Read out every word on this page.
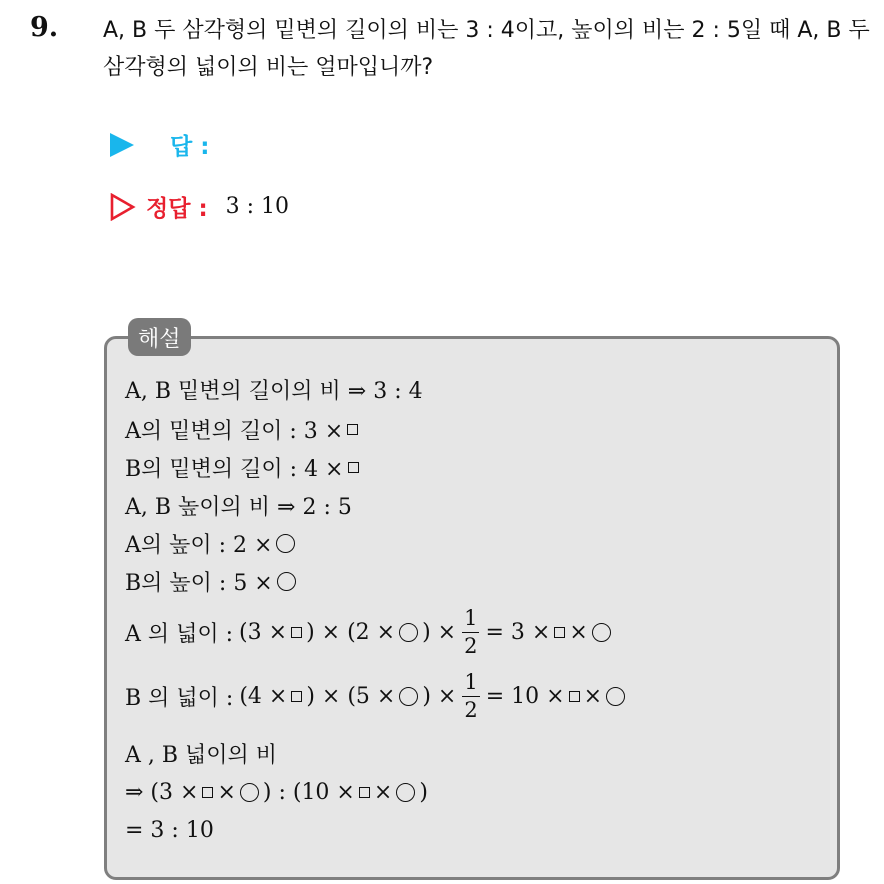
9. A, B 두 삼각형의 밑변의 길이의 비는 3 : 4이고, 높이의 비는 2 : 5일 때 A, B 두 삼각형의 넓이의 비는 얼마입니까?

답 :
정답 : 3 : 10
해설
A, B 밑변의 길이의 비 ⇒ 3 : 4
A의 밑변의 길이 : 3 ×
B의 밑변의 길이 : 4 ×
A, B 높이의 비 ⇒ 2 : 5
A의 높이 : 2 ×
B의 높이 : 5 ×
A 의 넓이 : (3 × ) × (2 × ) × $\frac{1}{2} = 3$ × ×
B 의 넓이 : (4 × ) × (5 × ) × $\frac{1}{2} = 10$ × ×
A , B 넓이의 비
⇒ (3 × × ) : (10 × × )
= 3 : 10
